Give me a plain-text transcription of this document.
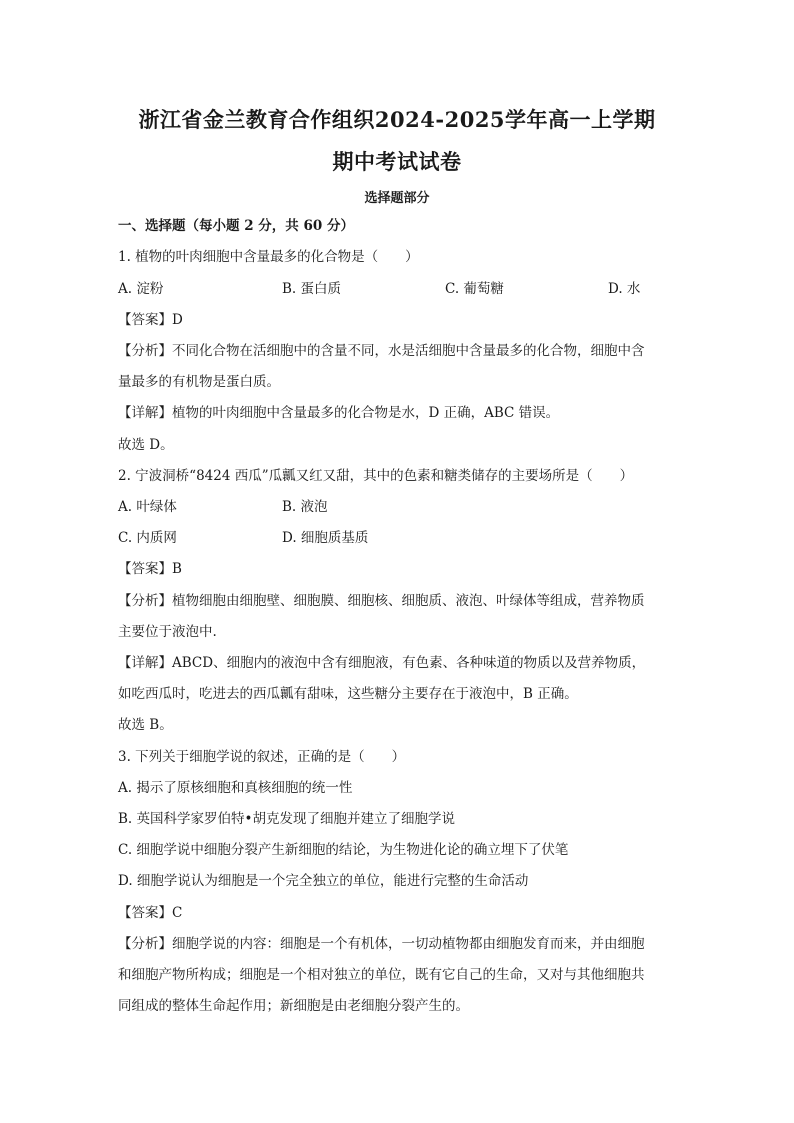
浙江省金兰教育合作组织2024-2025学年高一上学期
期中考试试卷
选择题部分
一、选择题（每小题 2 分，共 60 分）
1. 植物的叶肉细胞中含量最多的化合物是（　　）
A. 淀粉	B. 蛋白质	C. 葡萄糖	D. 水
【答案】D
【分析】不同化合物在活细胞中的含量不同，水是活细胞中含量最多的化合物，细胞中含
量最多的有机物是蛋白质。
【详解】植物的叶肉细胞中含量最多的化合物是水，D 正确，ABC 错误。
故选 D。
2. 宁波洞桥“8424 西瓜”瓜瓤又红又甜，其中的色素和糖类储存的主要场所是（　　）
A. 叶绿体	B. 液泡
C. 内质网	D. 细胞质基质
【答案】B
【分析】植物细胞由细胞壁、细胞膜、细胞核、细胞质、液泡、叶绿体等组成，营养物质
主要位于液泡中.
【详解】ABCD、细胞内的液泡中含有细胞液，有色素、各种味道的物质以及营养物质，
如吃西瓜时，吃进去的西瓜瓤有甜味，这些糖分主要存在于液泡中，B 正确。
故选 B。
3. 下列关于细胞学说的叙述，正确的是（　　）
A. 揭示了原核细胞和真核细胞的统一性
B. 英国科学家罗伯特•胡克发现了细胞并建立了细胞学说
C. 细胞学说中细胞分裂产生新细胞的结论，为生物进化论的确立埋下了伏笔
D. 细胞学说认为细胞是一个完全独立的单位，能进行完整的生命活动
【答案】C
【分析】细胞学说的内容：细胞是一个有机体，一切动植物都由细胞发育而来，并由细胞
和细胞产物所构成；细胞是一个相对独立的单位，既有它自己的生命，又对与其他细胞共
同组成的整体生命起作用；新细胞是由老细胞分裂产生的。
